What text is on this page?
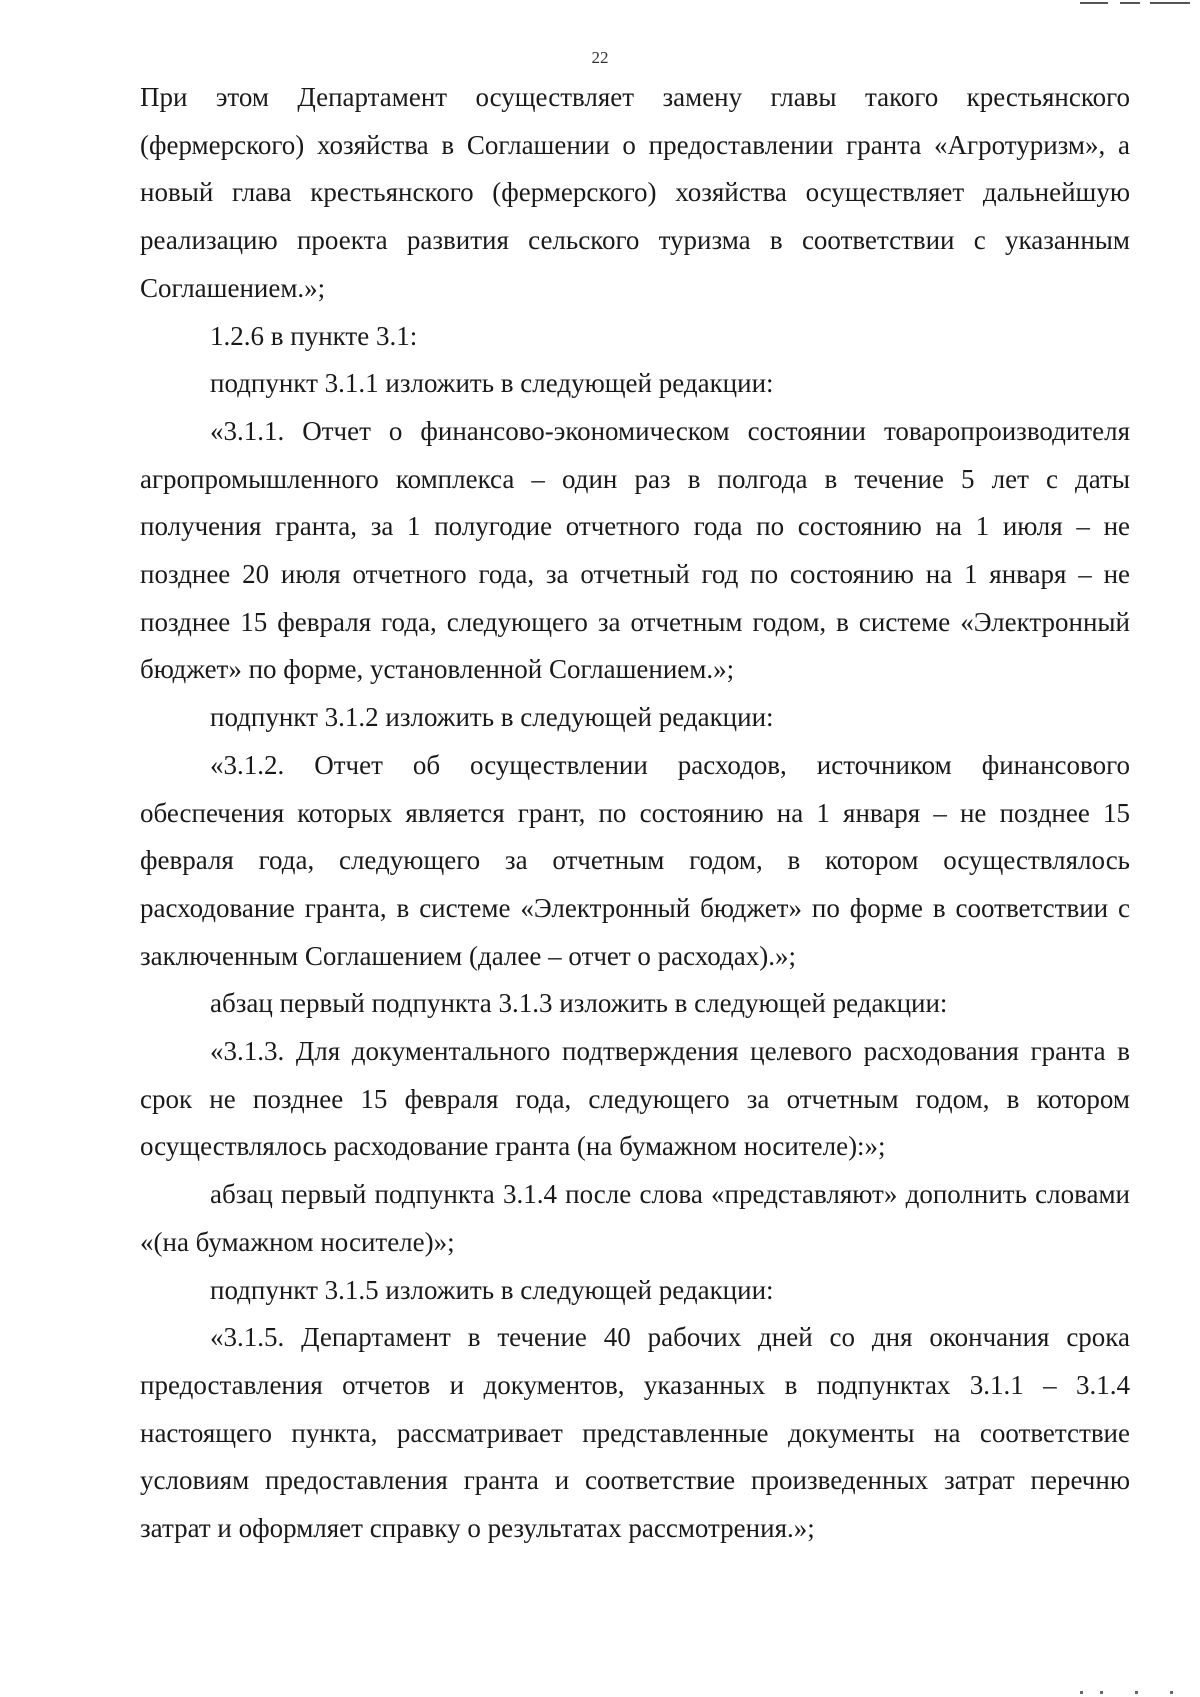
22

При этом Департамент осуществляет замену главы такого крестьянского (фермерского) хозяйства в Соглашении о предоставлении гранта «Агротуризм», а новый глава крестьянского (фермерского) хозяйства осуществляет дальнейшую реализацию проекта развития сельского туризма в соответствии с указанным Соглашением.»;

1.2.6 в пункте 3.1:

подпункт 3.1.1 изложить в следующей редакции:

«3.1.1. Отчет о финансово-экономическом состоянии товаропроизводителя агропромышленного комплекса – один раз в полгода в течение 5 лет с даты получения гранта, за 1 полугодие отчетного года по состоянию на 1 июля – не позднее 20 июля отчетного года, за отчетный год по состоянию на 1 января – не позднее 15 февраля года, следующего за отчетным годом, в системе «Электронный бюджет» по форме, установленной Соглашением.»;

подпункт 3.1.2 изложить в следующей редакции:

«3.1.2. Отчет об осуществлении расходов, источником финансового обеспечения которых является грант, по состоянию на 1 января – не позднее 15 февраля года, следующего за отчетным годом, в котором осуществлялось расходование гранта, в системе «Электронный бюджет» по форме в соответствии с заключенным Соглашением (далее – отчет о расходах).»;

абзац первый подпункта 3.1.3 изложить в следующей редакции:

«3.1.3. Для документального подтверждения целевого расходования гранта в срок не позднее 15 февраля года, следующего за отчетным годом, в котором осуществлялось расходование гранта (на бумажном носителе):»;

абзац первый подпункта 3.1.4 после слова «представляют» дополнить словами «(на бумажном носителе)»;

подпункт 3.1.5 изложить в следующей редакции:

«3.1.5. Департамент в течение 40 рабочих дней со дня окончания срока предоставления отчетов и документов, указанных в подпунктах 3.1.1 – 3.1.4 настоящего пункта, рассматривает представленные документы на соответствие условиям предоставления гранта и соответствие произведенных затрат перечню затрат и оформляет справку о результатах рассмотрения.»;
